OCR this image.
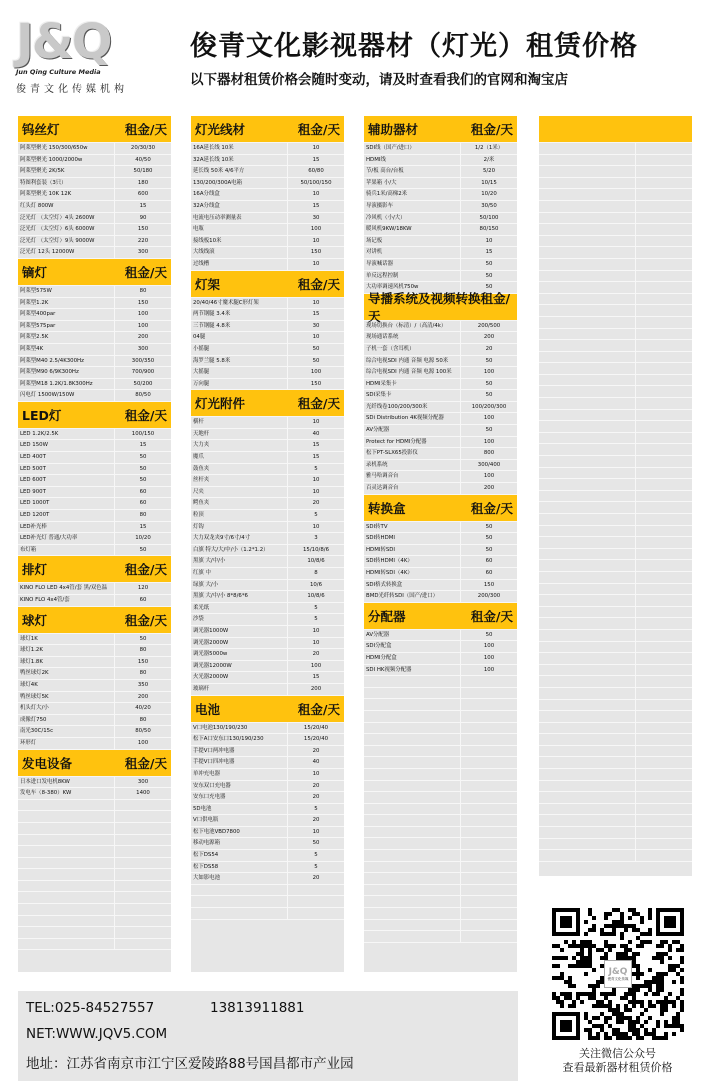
J&Q
Jun Qing Culture Media
俊青文化传媒机构
俊青文化影视器材（灯光）租赁价格
以下器材租赁价格会随时变动，请及时查看我们的官网和淘宝店
钨丝灯	租金/天
阿莱型聚光 150/300/650w	20/30/30
阿莱型聚光 1000/2000w	40/50
阿莱型聚光 2K/5K	50/180
特图利套装（3只）	180
阿莱型聚光 10K 12K	600
红头灯 800W	15
泛光灯 （太空灯）4头 2600W	90
泛光灯 （太空灯）6头 6000W	150
泛光灯 （太空灯）9头 9000W	220
泛光灯 12头 12000W	300
镝灯	租金/天
阿莱型575W	80
阿莱型1.2K	150
阿莱型400par	100
阿莱型575par	100
阿莱型2.5K	200
阿莱型4K	300
阿莱型M40 2.5/4K300Hz	300/350
阿莱型M90 6/9K300Hz	700/900
阿莱型M18 1.2K/1.8K300Hz	50/200
闪电灯 1500W/150W	80/50
LED灯	租金/天
LED 1.2K/2.5K	100/150
LED 150W	15
LED 400T	50
LED 500T	50
LED 600T	50
LED 900T	60
LED 1000T	60
LED 1200T	80
LED补光棒	15
LED补光灯 普通/大功率	10/20
布灯箱	50
排灯	租金/天
KINO FLO LED 4x4管/套 黑/双色温	120
KINO FLO 4x4管/套	60
球灯	租金/天
球灯1K	50
球灯1.2K	80
球灯1.8K	150
鸭丝球灯2K	80
球灯4K	350
鸭丝球灯5K	200
机头灯大/小	40/20
成像灯750	80
南光30C/15c	80/50
环形灯	100
发电设备	租金/天
日本进口发电机8KW	300
发电车（8-380）KW	1400
灯光线材	租金/天
16A延长线 10米	10
32A延长线 10米	15
延长线 50米 4/6平方	60/80
130/200/300A电箱	50/100/150
16A分线盒	10
32A分线盒	15
电流电压动率测量表	30
电瓶	100
接线板10米	10
大线线滚	150
过线槽	10
灯架	租金/天
20/40/46寸魔术腿C形灯架	10
两节钢腿 3.4米	15
三节钢腿 4.8米	30
04腿	10
小摇腿	50
海罗兰腿 5.8米	50
大摇腿	100
万向腿	150
灯光附件	租金/天
横杆	10
天地杆	40
大力夹	15
魔爪	15
鼓鱼夹	5
丝杆夹	10
尺夹	10
鳄鱼夹	20
粒顶	5
灯钩	10
大力双龙夹9寸/6寸/4寸	3
白旗 特大/大/中/小（1.2*1.2）	15/10/8/6
黑旗 大/中/小	10/8/6
红旗 中	8
绿旗 大/小	10/6
黑旗 大/中/小 8*8/6*6	10/8/6
柔光纸	5
沙袋	5
调光器1000W	10
调光器2000W	10
调光器5000w	20
调光器12000W	100
火光器2000W	15
玻璃杆	200
电池	租金/天
V口电池130/190/230	15/20/40
松下A口安东口130/190/230	15/20/40
手提V口两冲电器	20
手提V口四冲电器	40
单冲充电器	10
安东双口充电器	20
安东口充电器	20
5D电池	5
V口供电瓶	20
松下电池VBD7800	10
移动电源箱	50
松下DS54	5
松下DS58	5
大如影电池	20
辅助器材	租金/天
SDI线（国产/进口）	1/2（1米）
HDMI线	2/米
节/板 高台/台板	5/20
苹果箱 小/大	10/15
骑兵1米/高梯2米	10/20
导演摄影车	30/50
冷风机（小/大）	50/100
暖风机9KW/18KW	80/150
场记板	10
对讲机	15
导演喊话器	50
单反远程控制	50
大功率调速风机750w	50
导播系统及视频转换租金/天
现场切换台（标清）/（高清/4k）	200/500
现场通话系统	200
子机一套（含耳机）	20
综合电视SDI 内通 音频 电源 50米	50
综合电视SDI 内通 音频 电源 100米	100
HDMI采集卡	50
SDI采集卡	50
光纤线卷100/200/300米	100/200/300
SDi Distribution 4K视频分配器	100
AV分配器	50
Protect for HDMI分配器	100
松下PT-SLX65投影仪	800
录机系统	300/400
雅马哈调音台	100
百灵达调音台	200
转换盒	租金/天
SDI转TV	50
SDI转HDMI	50
HDMI转SDI	50
SDI转HDMI（4K）	60
HDMI转SDI（4K）	60
SDI格式转换盒	150
BMD光纤转SDI（国产/进口）	200/300
分配器	租金/天
AV分配器	50
SDI分配盒	100
HDMI分配盒	100
SDI HK视频分配器	100
TEL:025-84527557	13813911881
NET:WWW.JQV5.COM
地址：江苏省南京市江宁区爱陵路88号国昌都市产业园
J&Q
俊青文化传媒
关注微信公众号
查看最新器材租赁价格
